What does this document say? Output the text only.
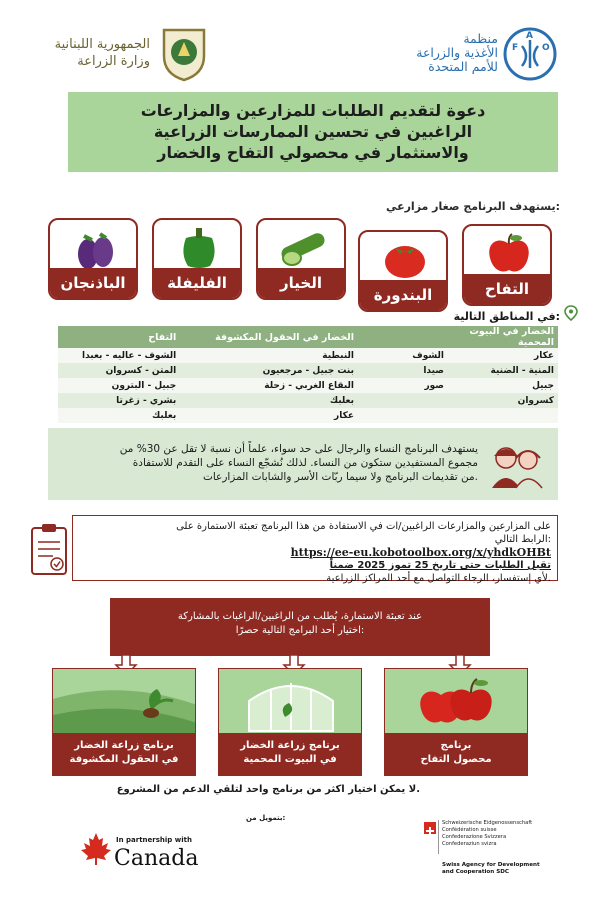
منظمة
الأغذية والزراعة
للأمم المتحدة
F
A
O
الجمهورية اللبنانية
وزارة الزراعة
دعوة لتقديم الطلبات للمزارعين والمزارعات
الراغبين في تحسين الممارسات الزراعية
والاستثمار في محصولي التفاح والخضار
يستهدف البرنامج صغار مزارعي:
التفاح
البندورة
الخيار
الفليفلة
الباذنجان
في المناطق التالية:
الخضار في البيوت المحمية		الخضار في الحقول المكشوفة	التفاح
عكار	الشوف	النبطية	الشوف - عاليه - بعبدا
المنية - الضنية	صيدا	بنت جبيل - مرجعيون	المتن - كسروان
جبيل	صور	البقاع الغربي - زحلة	جبيل - البترون
كسروان		بعلبك	بشري - زغرتا
		عكار	بعلبك
يستهدف البرنامج النساء والرجال على حد سواء، علماً أن نسبة لا تقل عن 30% من مجموع المستفيدين ستكون من النساء. لذلك نُشجّع النساء على التقدم للاستفادة من تقديمات البرنامج ولا سيما ربّات الأسر والشابات المزارعات.
على المزارعين والمزارعات الراغبين/ات في الاستفادة من هذا البرنامج تعبئة الاستمارة على الرابط التالي:
https://ee-eu.kobotoolbox.org/x/yhdkOHBt
تقبل الطلبات حتى تاريخ 25 تموز 2025 ضمناً
لأي إستفسار، الرجاء التواصل مع أحد المراكز الزراعية.
عند تعبئة الاستمارة، يُطلب من الراغبين/الراغبات بالمشاركة
اختيار أحد البرامج التالية حصرًا:
برنامج زراعة الخضار
في الحقول المكشوفة
برنامج زراعة الخضار
في البيوت المحمية
برنامج
محصول التفاح
لا يمكن اختيار اكثر من برنامج واحد لتلقي الدعم من المشروع.
بتمويل من:
In partnership with
Canada
Schweizerische Eidgenossenschaft
Confédération suisse
Confederazione Svizzera
Confederaziun svizra
Swiss Agency for Development
and Cooperation SDC
